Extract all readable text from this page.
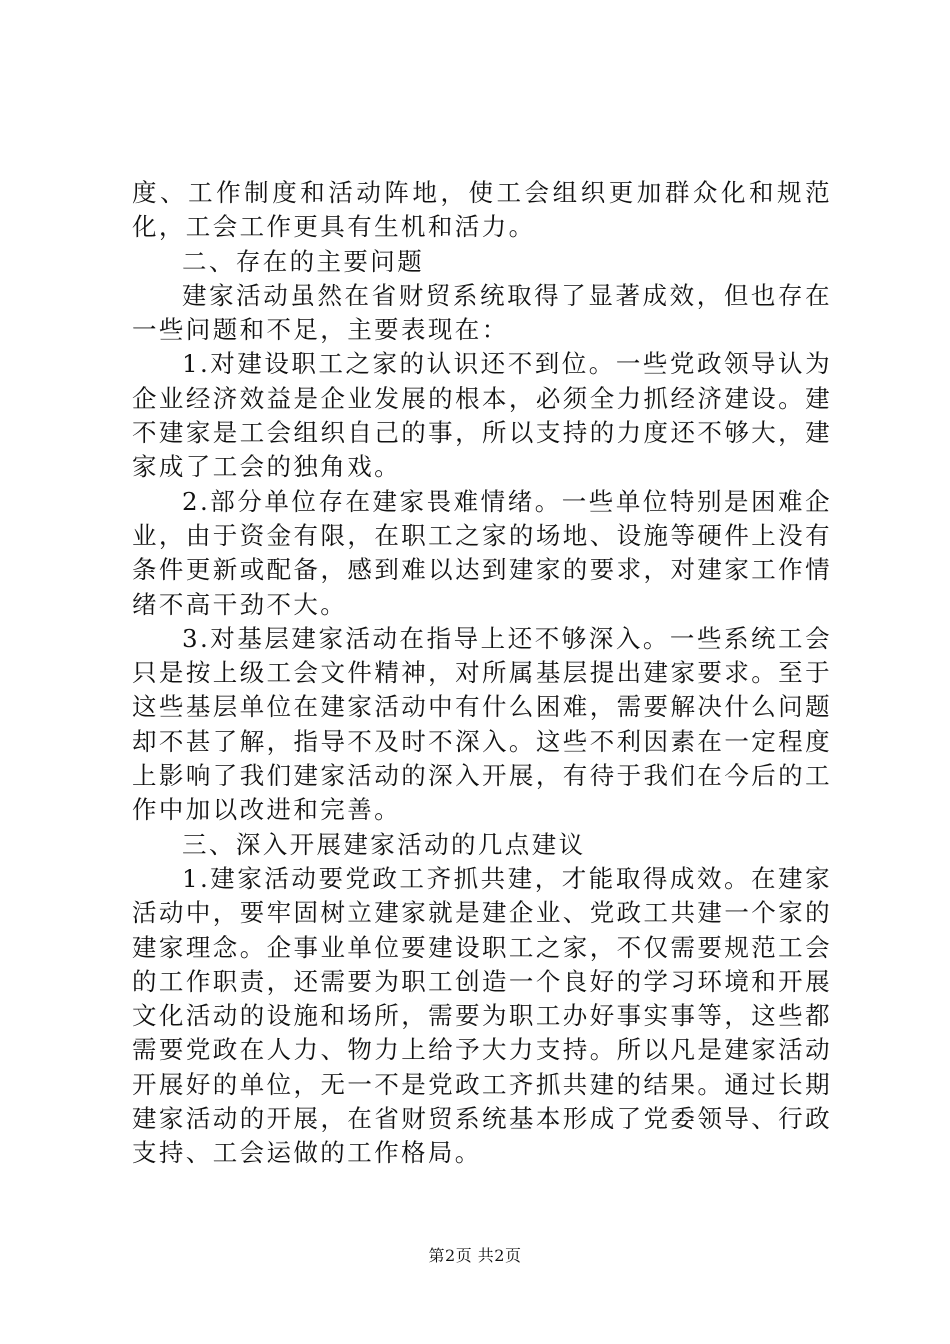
度、工作制度和活动阵地，使工会组织更加群众化和规范化，工会工作更具有生机和活力。

二、存在的主要问题

建家活动虽然在省财贸系统取得了显著成效，但也存在一些问题和不足，主要表现在：

1.对建设职工之家的认识还不到位。一些党政领导认为企业经济效益是企业发展的根本，必须全力抓经济建设。建不建家是工会组织自己的事，所以支持的力度还不够大，建家成了工会的独角戏。

2.部分单位存在建家畏难情绪。一些单位特别是困难企业，由于资金有限，在职工之家的场地、设施等硬件上没有条件更新或配备，感到难以达到建家的要求，对建家工作情绪不高干劲不大。

3.对基层建家活动在指导上还不够深入。一些系统工会只是按上级工会文件精神，对所属基层提出建家要求。至于这些基层单位在建家活动中有什么困难，需要解决什么问题却不甚了解，指导不及时不深入。这些不利因素在一定程度上影响了我们建家活动的深入开展，有待于我们在今后的工作中加以改进和完善。

三、深入开展建家活动的几点建议

1.建家活动要党政工齐抓共建，才能取得成效。在建家活动中，要牢固树立建家就是建企业、党政工共建一个家的建家理念。企事业单位要建设职工之家，不仅需要规范工会的工作职责，还需要为职工创造一个良好的学习环境和开展文化活动的设施和场所，需要为职工办好事实事等，这些都需要党政在人力、物力上给予大力支持。所以凡是建家活动开展好的单位，无一不是党政工齐抓共建的结果。通过长期建家活动的开展，在省财贸系统基本形成了党委领导、行政支持、工会运做的工作格局。

第2页 共2页
